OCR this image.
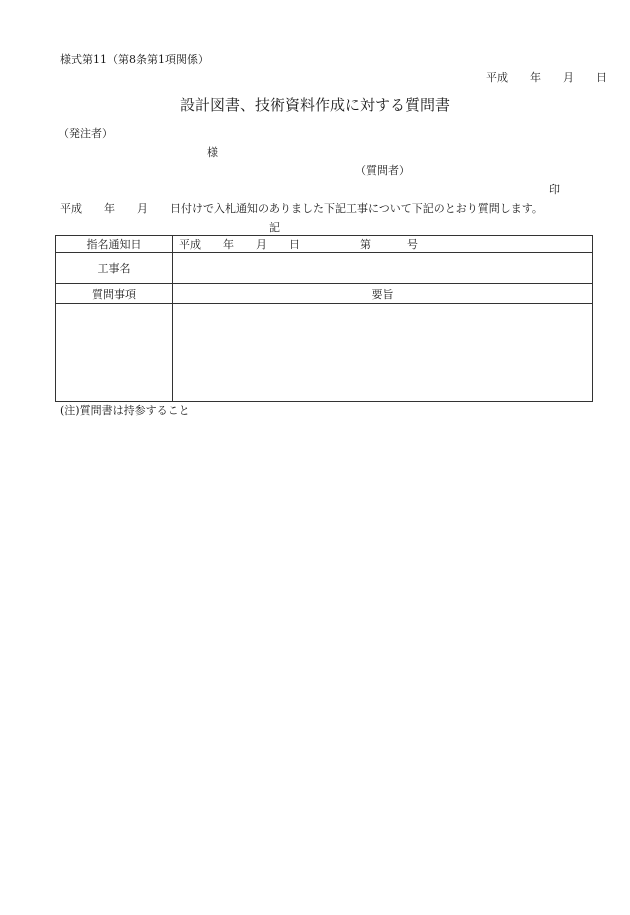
様式第11（第8条第1項関係）
平成 年 月 日
設計図書、技術資料作成に対する質問書
（発注者）
様
（質問者）
印
平成 年 月 日付けで入札通知のありました下記工事について下記のとおり質問します。
記
指名通知日	平成 年 月 日 第 号
工事名	
質問事項	要旨

(注)質問書は持参すること
